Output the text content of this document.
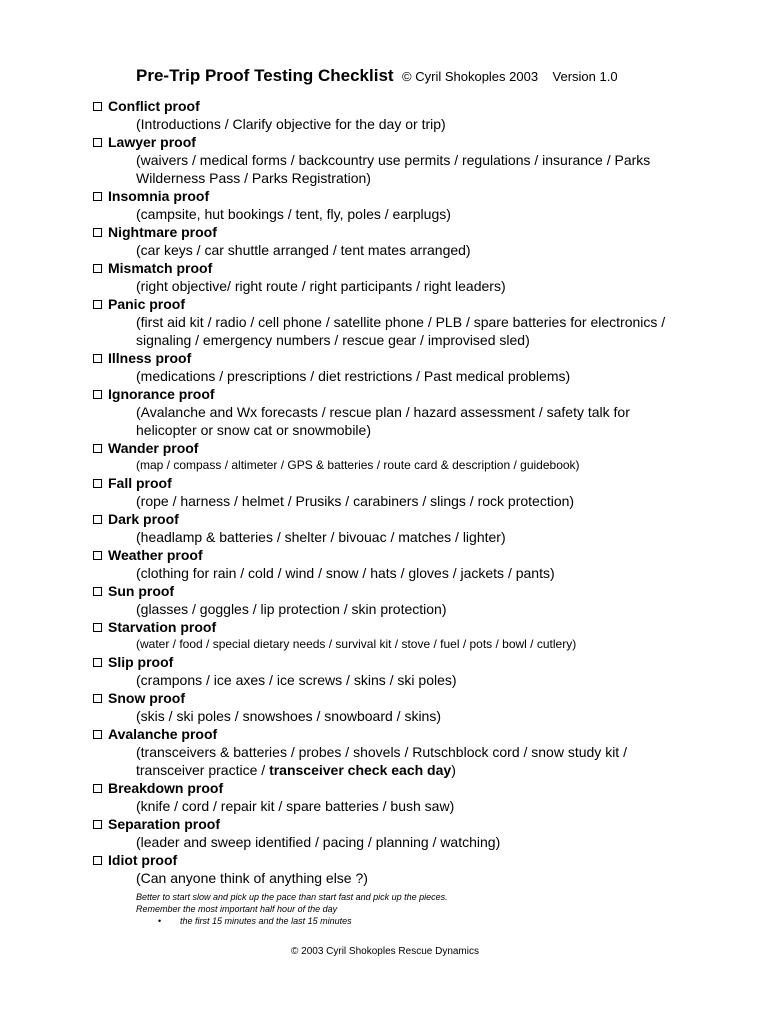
Pre-Trip Proof Testing Checklist © Cyril Shokoples 2003 Version 1.0
Conflict proof
(Introductions / Clarify objective for the day or trip)
Lawyer proof
(waivers / medical forms / backcountry use permits / regulations / insurance / Parks Wilderness Pass / Parks Registration)
Insomnia proof
(campsite, hut bookings / tent, fly, poles / earplugs)
Nightmare proof
(car keys / car shuttle arranged / tent mates arranged)
Mismatch proof
(right objective/ right route / right participants / right leaders)
Panic proof
(first aid kit / radio / cell phone / satellite phone / PLB / spare batteries for electronics / signaling / emergency numbers / rescue gear / improvised sled)
Illness proof
(medications / prescriptions / diet restrictions / Past medical problems)
Ignorance proof
(Avalanche and Wx forecasts / rescue plan / hazard assessment / safety talk for helicopter or snow cat or snowmobile)
Wander proof
(map / compass / altimeter / GPS & batteries / route card & description / guidebook)
Fall proof
(rope / harness / helmet / Prusiks / carabiners / slings / rock protection)
Dark proof
(headlamp & batteries / shelter / bivouac / matches / lighter)
Weather proof
(clothing for rain / cold / wind / snow / hats / gloves / jackets / pants)
Sun proof
(glasses / goggles / lip protection / skin protection)
Starvation proof
(water / food / special dietary needs / survival kit / stove / fuel / pots / bowl / cutlery)
Slip proof
(crampons / ice axes / ice screws / skins / ski poles)
Snow proof
(skis / ski poles / snowshoes / snowboard / skins)
Avalanche proof
(transceivers & batteries / probes / shovels / Rutschblock cord / snow study kit / transceiver practice / transceiver check each day)
Breakdown proof
(knife / cord / repair kit / spare batteries / bush saw)
Separation proof
(leader and sweep identified / pacing / planning / watching)
Idiot proof
(Can anyone think of anything else ?)
Better to start slow and pick up the pace than start fast and pick up the pieces.
Remember the most important half hour of the day
•	the first 15 minutes and the last 15 minutes
© 2003 Cyril Shokoples Rescue Dynamics
